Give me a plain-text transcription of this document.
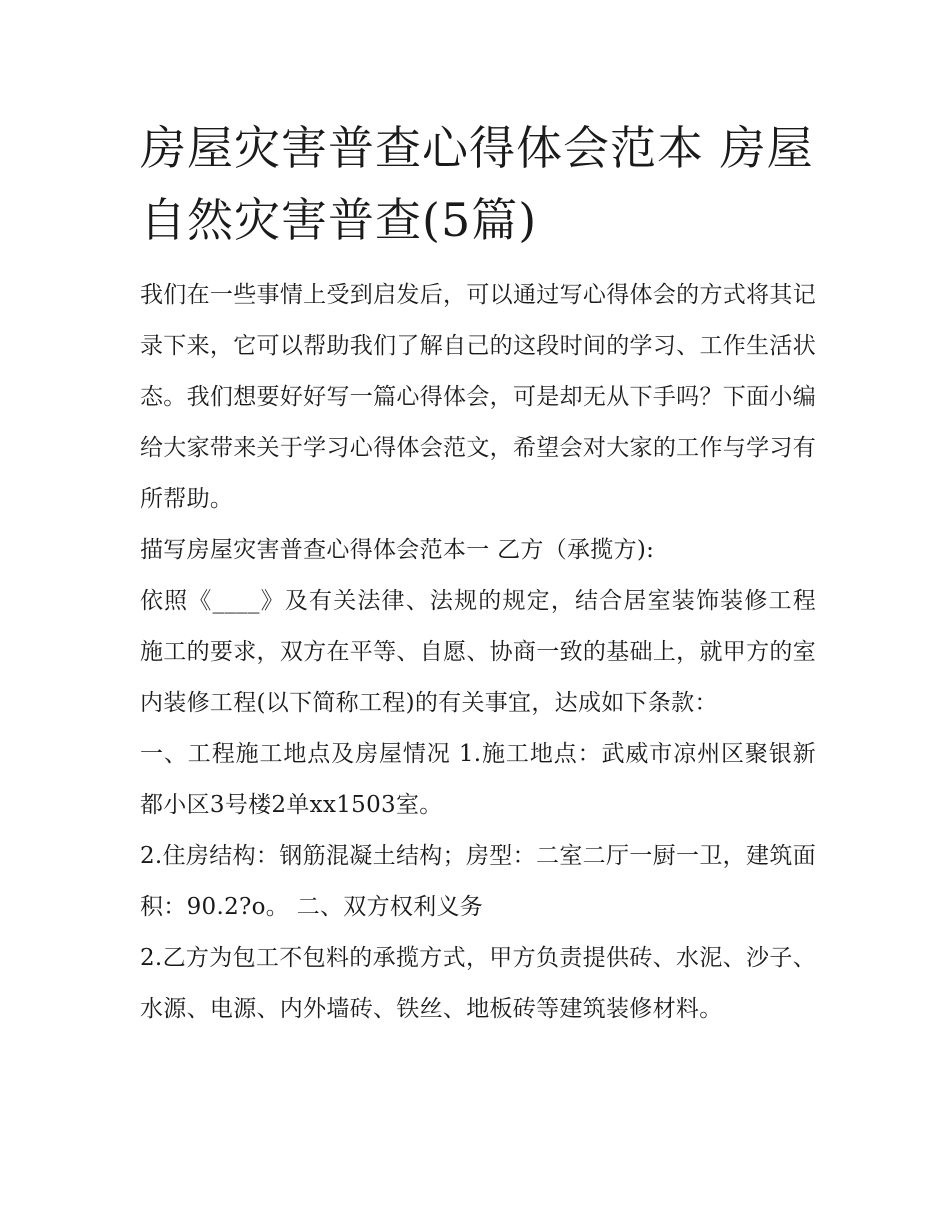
房屋灾害普查心得体会范本 房屋自然灾害普查(5篇)

我们在一些事情上受到启发后，可以通过写心得体会的方式将其记录下来，它可以帮助我们了解自己的这段时间的学习、工作生活状态。我们想要好好写一篇心得体会，可是却无从下手吗？下面小编给大家带来关于学习心得体会范文，希望会对大家的工作与学习有所帮助。

描写房屋灾害普查心得体会范本一 乙方（承揽方):

依照《____》及有关法律、法规的规定，结合居室装饰装修工程施工的要求，双方在平等、自愿、协商一致的基础上，就甲方的室内装修工程(以下简称工程)的有关事宜，达成如下条款：

一、工程施工地点及房屋情况 1.施工地点：武威市凉州区聚银新都小区3号楼2单xx1503室。

2.住房结构：钢筋混凝土结构；房型：二室二厅一厨一卫，建筑面积：90.2?o。 二、双方权利义务

2.乙方为包工不包料的承揽方式，甲方负责提供砖、水泥、沙子、水源、电源、内外墙砖、铁丝、地板砖等建筑装修材料。
